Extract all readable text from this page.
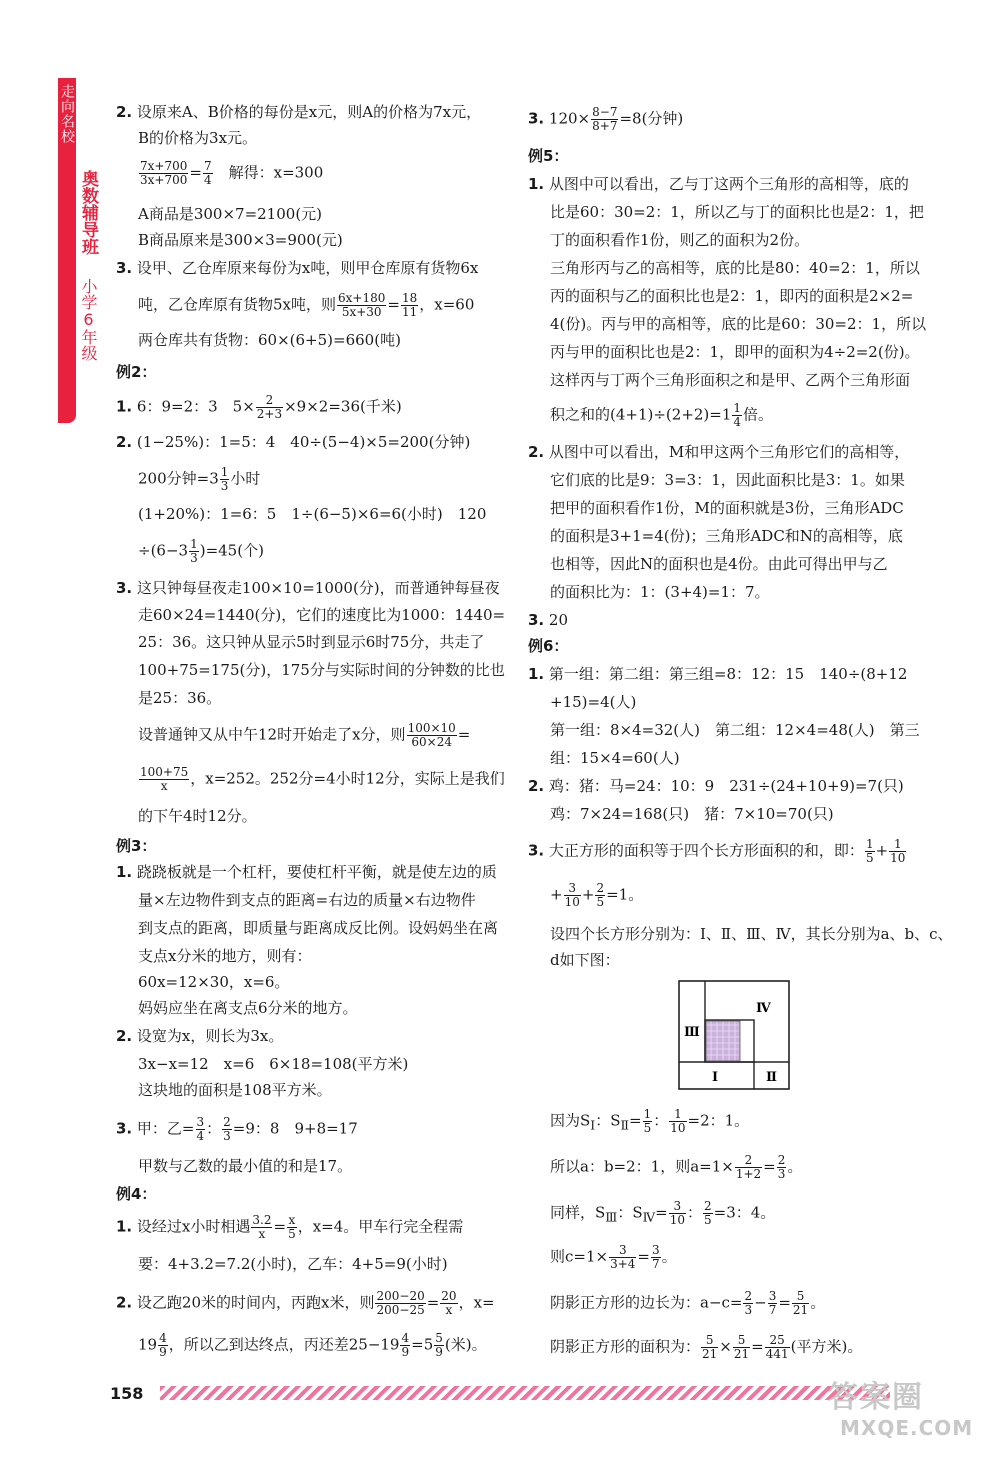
走向名校
奥数辅导班
小学6年级
2. 设原来A、B价格的每份是x元，则A的价格为7x元，
B的价格为3x元。
$\frac{7x+700}{3x+700} = \frac{7}{4}$
　 解得：x=300
A商品是300×7=2100(元)
B商品原来是300×3=900(元)
3. 设甲、乙仓库原来每份为x吨，则甲仓库原有货物6x
吨，乙仓库原有货物5x吨，则 $\frac{6x+180}{5x+30} = \frac{18}{11}$ ，x=60
两仓库共有货物：60×(6+5)=660(吨)
例2：
1. 6：9=2：3　$5\times \frac{2}{2+3} \times 9\times 2=36$(千米)
2. (1−25%)：1=5：4　40÷(5−4)×5=200(分钟)
200分钟$=3 \frac{1}{3}$ 小时
(1+20%)：1=6：5　1÷(6−5)×6=6(小时)　120
$\div(6-3 \frac{1}{3} )=45$(个)
3. 这只钟每昼夜走100×10=1000(分)，而普通钟每昼夜
走60×24=1440(分)，它们的速度比为1000：1440=
25：36。这只钟从显示5时到显示6时75分，共走了
100+75=175(分)，175分与实际时间的分钟数的比也
是25：36。
设普通钟又从中午12时开始走了x分，则 $\frac{100\times 10}{60\times 24}$ =
$\frac{100+75}{x}$ ，x=252。252分=4小时12分，实际上是我们
的下午4时12分。
例3：
1. 跷跷板就是一个杠杆，要使杠杆平衡，就是使左边的质
量×左边物件到支点的距离=右边的质量×右边物件
到支点的距离，即质量与距离成反比例。设妈妈坐在离
支点x分米的地方，则有：
60x=12×30，x=6。
妈妈应坐在离支点6分米的地方。
2. 设宽为x，则长为3x。
3x−x=12　x=6　6×18=108(平方米)
这块地的面积是108平方米。
3. 甲：乙= $\frac{3}{4}$ ： $\frac{2}{3} =9$：8　9+8=17
甲数与乙数的最小值的和是17。
例4：
1. 设经过x小时相遇 $\frac{3.2}{x} = \frac{x}{5}$ ，x=4。甲车行完全程需
要：4+3.2=7.2(小时)，乙车：4+5=9(小时)
2. 设乙跑20米的时间内，丙跑x米，则 $\frac{200-20}{200-25} = \frac{20}{x}$ ，x=
$19 \frac{4}{9}$ ，所以乙到达终点，丙还差$25-19 \frac{4}{9} =5 \frac{5}{9}$ (米)。
3. $120\times \frac{8-7}{8+7} =8$(分钟)
例5：
1. 从图中可以看出，乙与丁这两个三角形的高相等，底的
比是60：30=2：1，所以乙与丁的面积比也是2：1，把
丁的面积看作1份，则乙的面积为2份。
三角形丙与乙的高相等，底的比是80：40=2：1，所以
丙的面积与乙的面积比也是2：1，即丙的面积是2×2=
4(份)。丙与甲的高相等，底的比是60：30=2：1，所以
丙与甲的面积比也是2：1，即甲的面积为4÷2=2(份)。
这样丙与丁两个三角形面积之和是甲、乙两个三角形面
积之和的$(4+1)\div(2+2)=1 \frac{1}{4}$ 倍。
2. 从图中可以看出，M和甲这两个三角形它们的高相等，
它们底的比是9：3=3：1，因此面积比是3：1。如果
把甲的面积看作1份，M的面积就是3份，三角形ADC
的面积是3+1=4(份)；三角形ADC和N的高相等，底
也相等，因此N的面积也是4份。由此可得出甲与乙
的面积比为：1：(3+4)=1：7。
3. 20
例6：
1. 第一组：第二组：第三组=8：12：15　140÷(8+12
+15)=4(人)
第一组：8×4=32(人)　第二组：12×4=48(人)　第三
组：15×4=60(人)
2. 鸡：猪：马=24：10：9　231÷(24+10+9)=7(只)
鸡：7×24=168(只)　猪：7×10=70(只)
3. 大正方形的面积等于四个长方形面积的和，即： $\frac{1}{5} + \frac{1}{10}$
+ $\frac{3}{10} + \frac{2}{5} =1$。
设四个长方形分别为：Ⅰ、Ⅱ、Ⅲ、Ⅳ，其长分别为a、b、c、
d如下图：
Ⅳ
Ⅲ
Ⅰ	Ⅱ
因为$S_Ⅰ$：$S_Ⅱ= \frac{1}{5}$ ： $\frac{1}{10} =2$：1。
所以a：b=2：1，则$a=1\times \frac{2}{1+2} = \frac{2}{3}$ 。
同样，$S_Ⅲ$：$S_Ⅳ= \frac{3}{10}$ ： $\frac{2}{5} =3$：4。
则$c=1\times \frac{3}{3+4} = \frac{3}{7}$ 。
阴影正方形的边长为：$a-c= \frac{2}{3} - \frac{3}{7} = \frac{5}{21}$ 。
阴影正方形的面积为： $\frac{5}{21} \times \frac{5}{21} = \frac{25}{441}$ (平方米)。
158	答案圈
MXQE.COM
